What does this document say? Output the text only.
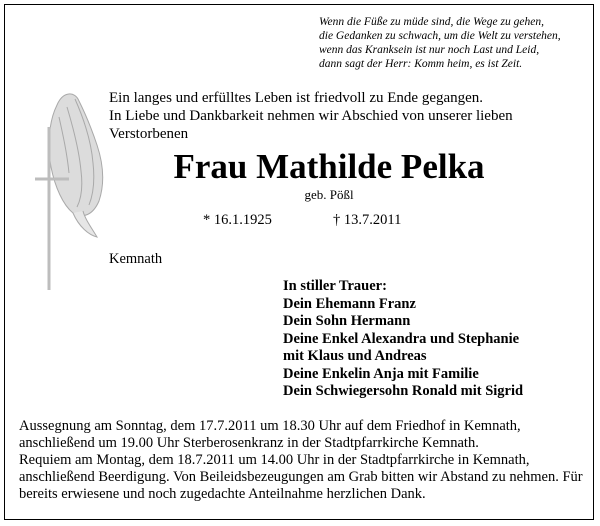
Wenn die Füße zu müde sind, die Wege zu gehen,
die Gedanken zu schwach, um die Welt zu verstehen,
wenn das Kranksein ist nur noch Last und Leid,
dann sagt der Herr: Komm heim, es ist Zeit.
Ein langes und erfülltes Leben ist friedvoll zu Ende gegangen.
In Liebe und Dankbarkeit nehmen wir Abschied von unserer lieben
Verstorbenen
Frau Mathilde Pelka
geb. Pößl
* 16.1.1925	† 13.7.2011
Kemnath
In stiller Trauer:
Dein Ehemann Franz
Dein Sohn Hermann
Deine Enkel Alexandra und Stephanie
mit Klaus und Andreas
Deine Enkelin Anja mit Familie
Dein Schwiegersohn Ronald mit Sigrid
Aussegnung am Sonntag, dem 17.7.2011 um 18.30 Uhr auf dem Friedhof in Kemnath, anschließend um 19.00 Uhr Sterberosenkranz in der Stadtpfarrkirche Kemnath.
Requiem am Montag, dem 18.7.2011 um 14.00 Uhr in der Stadtpfarrkirche in Kemnath, anschließend Beerdigung. Von Beileidsbezeugungen am Grab bitten wir Abstand zu nehmen. Für bereits erwiesene und noch zugedachte Anteilnahme herzlichen Dank.
